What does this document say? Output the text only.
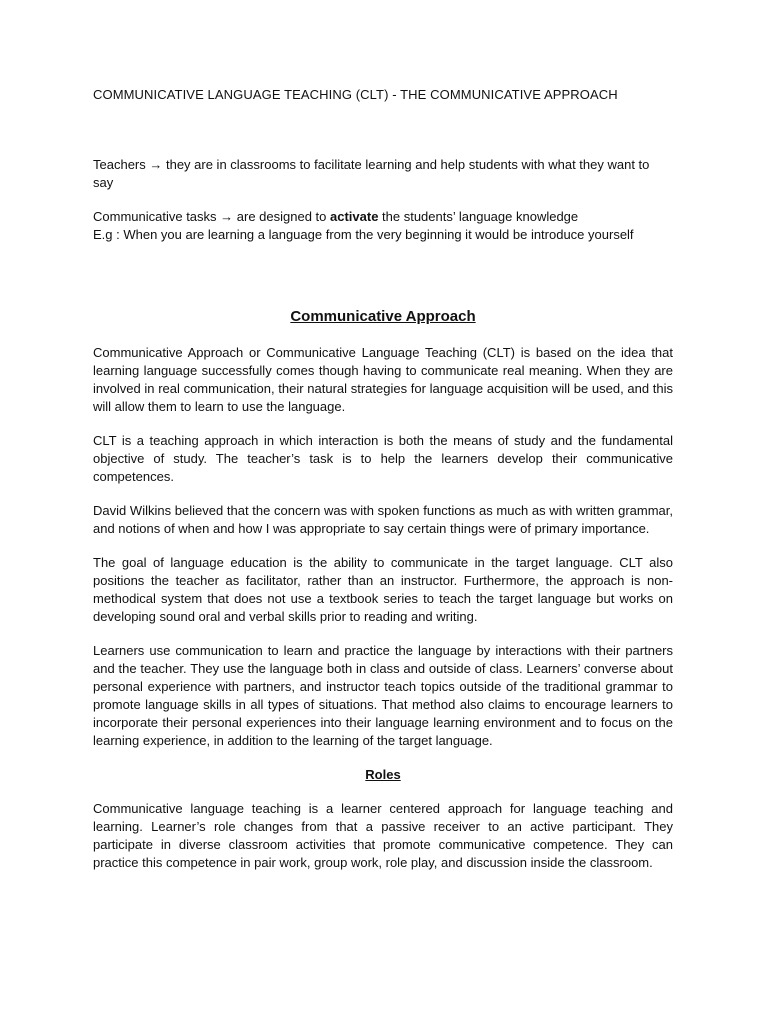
COMMUNICATIVE LANGUAGE TEACHING (CLT) - THE COMMUNICATIVE APPROACH

Teachers → they are in classrooms to facilitate learning and help students with what they want to say

Communicative tasks → are designed to activate the students’ language knowledge

E.g : When you are learning a language from the very beginning it would be introduce yourself

Communicative Approach

Communicative Approach or Communicative Language Teaching (CLT) is based on the idea that learning language successfully comes though having to communicate real meaning. When they are involved in real communication, their natural strategies for language acquisition will be used, and this will allow them to learn to use the language.

CLT is a teaching approach in which interaction is both the means of study and the fundamental objective of study. The teacher’s task is to help the learners develop their communicative competences.

David Wilkins believed that the concern was with spoken functions as much as with written grammar, and notions of when and how I was appropriate to say certain things were of primary importance.

The goal of language education is the ability to communicate in the target language. CLT also positions the teacher as facilitator, rather than an instructor. Furthermore, the approach is non-methodical system that does not use a textbook series to teach the target language but works on developing sound oral and verbal skills prior to reading and writing.

Learners use communication to learn and practice the language by interactions with their partners and the teacher. They use the language both in class and outside of class. Learners’ converse about personal experience with partners, and instructor teach topics outside of the traditional grammar to promote language skills in all types of situations. That method also claims to encourage learners to incorporate their personal experiences into their language learning environment and to focus on the learning experience, in addition to the learning of the target language.

Roles

Communicative language teaching is a learner centered approach for language teaching and learning. Learner’s role changes from that a passive receiver to an active participant. They participate in diverse classroom activities that promote communicative competence. They can practice this competence in pair work, group work, role play, and discussion inside the classroom.
